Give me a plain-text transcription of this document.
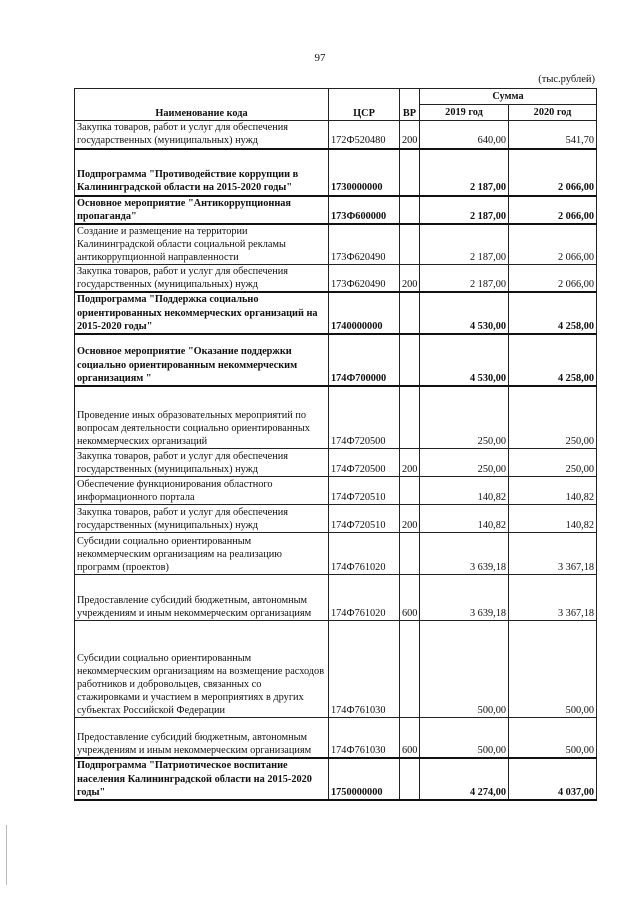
97
(тыс.рублей)
Наименование кода	ЦСР	ВР	Сумма	
			2019 год	2020 год
Закупка товаров, работ и услуг для обеспечения государственных (муниципальных) нужд	172Ф520480	200	640,00	541,70
Подпрограмма "Противодействие коррупции в Калининградской области на 2015-2020 годы"	1730000000		2 187,00	2 066,00
Основное мероприятие "Антикоррупционная пропаганда"	173Ф600000		2 187,00	2 066,00
Создание и размещение на территории Калининградской области социальной рекламы антикоррупционной направленности	173Ф620490		2 187,00	2 066,00
Закупка товаров, работ и услуг для обеспечения государственных (муниципальных) нужд	173Ф620490	200	2 187,00	2 066,00
Подпрограмма "Поддержка социально ориентированных некоммерческих организаций на 2015-2020 годы"	1740000000		4 530,00	4 258,00
Основное мероприятие "Оказание поддержки социально ориентированным некоммерческим организациям "	174Ф700000		4 530,00	4 258,00
Проведение иных образовательных мероприятий по вопросам деятельности социально ориентированных некоммерческих организаций	174Ф720500		250,00	250,00
Закупка товаров, работ и услуг для обеспечения государственных (муниципальных) нужд	174Ф720500	200	250,00	250,00
Обеспечение функционирования областного информационного портала	174Ф720510		140,82	140,82
Закупка товаров, работ и услуг для обеспечения государственных (муниципальных) нужд	174Ф720510	200	140,82	140,82
Субсидии социально ориентированным некоммерческим организациям на реализацию программ (проектов)	174Ф761020		3 639,18	3 367,18
Предоставление субсидий бюджетным, автономным учреждениям и иным некоммерческим организациям	174Ф761020	600	3 639,18	3 367,18
Субсидии социально ориентированным некоммерческим организациям на возмещение расходов работников и добровольцев, связанных со стажировками и участием в мероприятиях в других субъектах Российской Федерации	174Ф761030		500,00	500,00
Предоставление субсидий бюджетным, автономным учреждениям и иным некоммерческим организациям	174Ф761030	600	500,00	500,00
Подпрограмма "Патриотическое воспитание населения Калининградской области на 2015-2020 годы"	1750000000		4 274,00	4 037,00
